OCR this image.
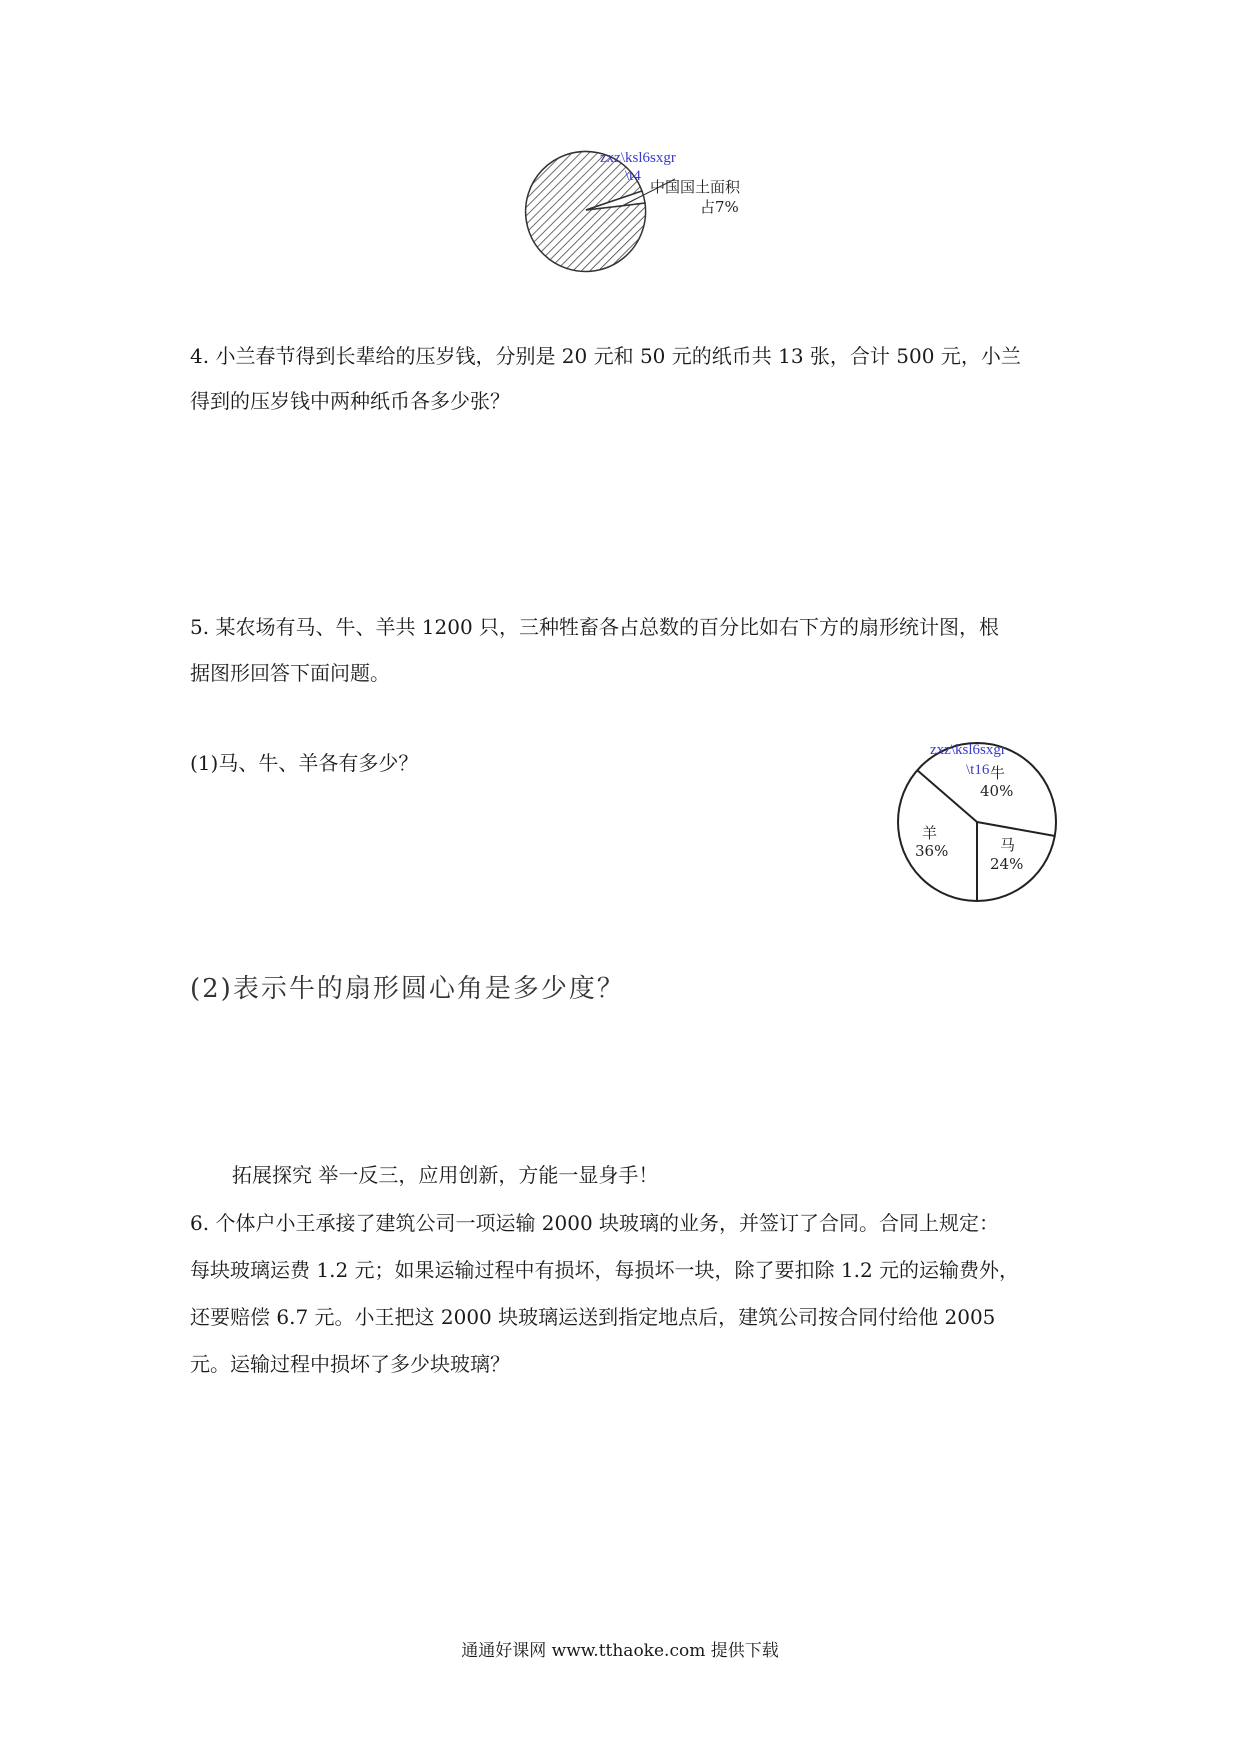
zxz\ksl6sxgr
\t4
中国国土面积
占7%
4. 小兰春节得到长辈给的压岁钱，分别是 20 元和 50 元的纸币共 13 张，合计 500 元，小兰
得到的压岁钱中两种纸币各多少张？
5. 某农场有马、牛、羊共 1200 只，三种牲畜各占总数的百分比如右下方的扇形统计图，根
据图形回答下面问题。
(1)马、牛、羊各有多少？
zxz\ksl6sxgr
\t16 牛
40%
羊
36%	马
24%
(2)表示牛的扇形圆心角是多少度？
拓展探究 举一反三，应用创新，方能一显身手！
6. 个体户小王承接了建筑公司一项运输 2000 块玻璃的业务，并签订了合同。合同上规定：
每块玻璃运费 1.2 元；如果运输过程中有损坏，每损坏一块，除了要扣除 1.2 元的运输费外，
还要赔偿 6.7 元。小王把这 2000 块玻璃运送到指定地点后，建筑公司按合同付给他 2005
元。运输过程中损坏了多少块玻璃？
通通好课网 www.tthaoke.com 提供下载
